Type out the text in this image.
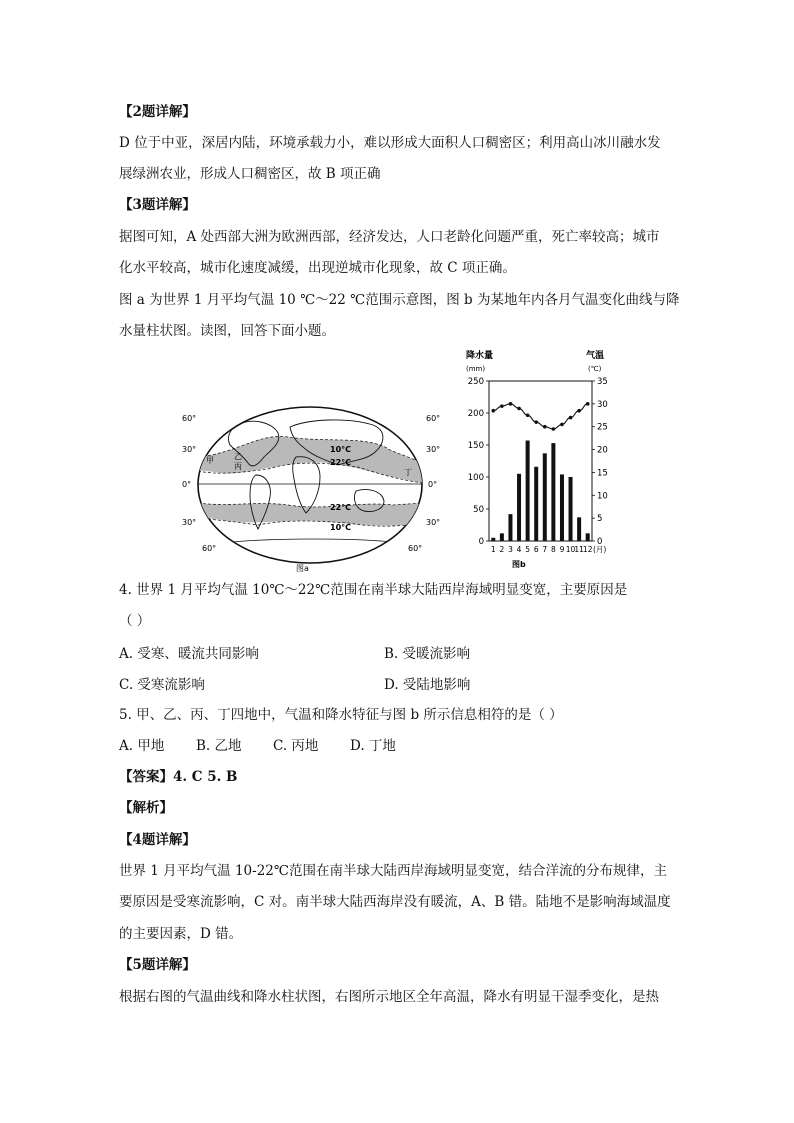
【2题详解】
D 位于中亚，深居内陆，环境承载力小，难以形成大面积人口稠密区；利用高山冰川融水发
展绿洲农业，形成人口稠密区，故 B 项正确
【3题详解】
据图可知，A 处西部大洲为欧洲西部，经济发达，人口老龄化问题严重，死亡率较高；城市
化水平较高，城市化速度减缓，出现逆城市化现象，故 C 项正确。
图 a 为世界 1 月平均气温 10 ℃～22 ℃范围示意图，图 b 为某地年内各月气温变化曲线与降
水量柱状图。读图，回答下面小题。
60°	60°
30°	30°
0°	0°
30°	30°
60°	60°
10°C
22°C
22°C
10°C
甲	乙
丙
丁
图a
降水量
(mm)
气温
(℃)
0
50
100
150
200
250
0
5
10
15
20
25
30
35
1 2 3 4 5 6 7 8 9 10 11 12 (月)
图b
4. 世界 1 月平均气温 10℃～22℃范围在南半球大陆西岸海域明显变宽，主要原因是
（ ）
A. 受寒、暖流共同影响	B. 受暖流影响
C. 受寒流影响	D. 受陆地影响
5. 甲、乙、丙、丁四地中，气温和降水特征与图 b 所示信息相符的是（ ）
A. 甲地 B. 乙地 C. 丙地 D. 丁地
【答案】4. C 5. B
【解析】
【4题详解】
世界 1 月平均气温 10-22℃范围在南半球大陆西岸海域明显变宽，结合洋流的分布规律，主
要原因是受寒流影响，C 对。南半球大陆西海岸没有暖流，A、B 错。陆地不是影响海域温度
的主要因素，D 错。
【5题详解】
根据右图的气温曲线和降水柱状图，右图所示地区全年高温，降水有明显干湿季变化，是热
